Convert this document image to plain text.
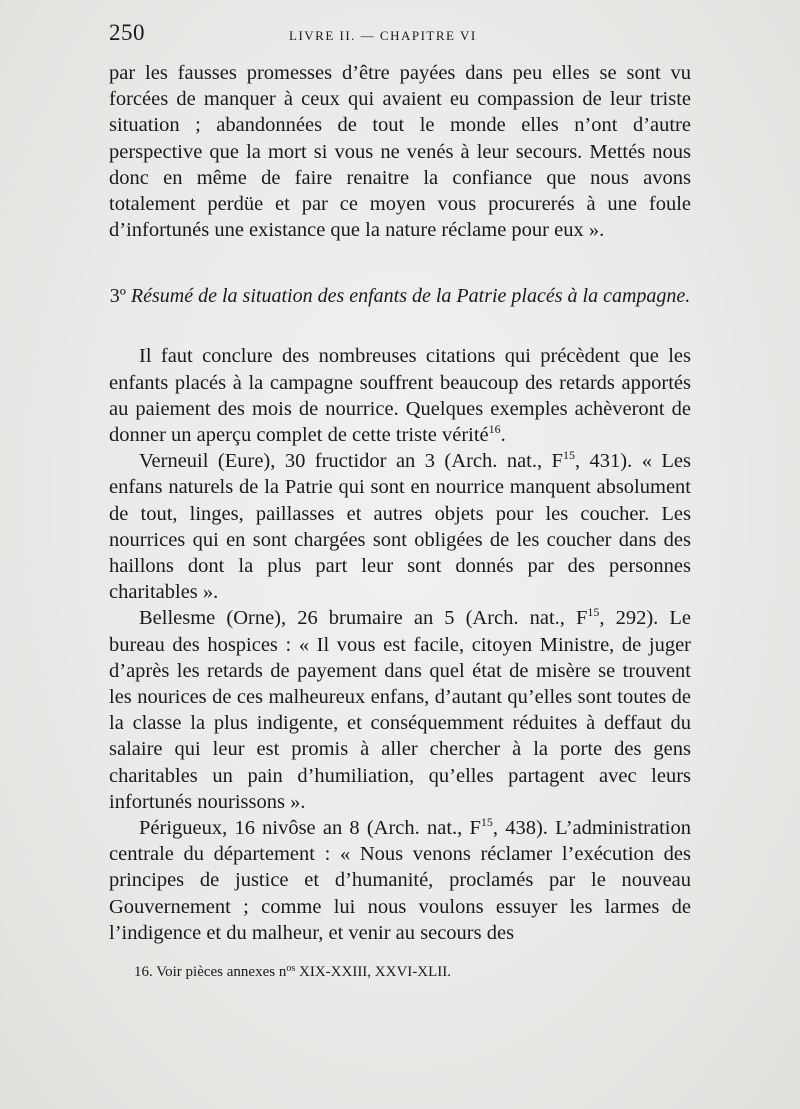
250	LIVRE II. — CHAPITRE VI

par les fausses promesses d’être payées dans peu elles se sont vu forcées de manquer à ceux qui avaient eu compassion de leur triste situation ; abandonnées de tout le monde elles n’ont d’autre perspective que la mort si vous ne venés à leur secours. Mettés nous donc en même de faire renaitre la confiance que nous avons totalement perdüe et par ce moyen vous procurerés à une foule d’infortunés une existance que la nature réclame pour eux ».

3º Résumé de la situation des enfants de la Patrie placés à la campagne.

Il faut conclure des nombreuses citations qui précèdent que les enfants placés à la campagne souffrent beaucoup des retards apportés au paiement des mois de nourrice. Quelques exemples achèveront de donner un aperçu complet de cette triste vérité$^{16}$.

Verneuil (Eure), 30 fructidor an 3 (Arch. nat., $F^{15}$, 431). « Les enfans naturels de la Patrie qui sont en nourrice manquent absolument de tout, linges, paillasses et autres objets pour les coucher. Les nourrices qui en sont chargées sont obligées de les coucher dans des haillons dont la plus part leur sont donnés par des personnes charitables ».

Bellesme (Orne), 26 brumaire an 5 (Arch. nat., $F^{15}$, 292). Le bureau des hospices : « Il vous est facile, citoyen Ministre, de juger d’après les retards de payement dans quel état de misère se trouvent les nourices de ces malheureux enfans, d’autant qu’elles sont toutes de la classe la plus indigente, et conséquemment réduites à deffaut du salaire qui leur est promis à aller chercher à la porte des gens charitables un pain d’humiliation, qu’elles partagent avec leurs infortunés nourissons ».

Périgueux, 16 nivôse an 8 (Arch. nat., $F^{15}$, 438). L’administration centrale du département : « Nous venons réclamer l’exécution des principes de justice et d’humanité, proclamés par le nouveau Gouvernement ; comme lui nous voulons essuyer les larmes de l’indigence et du malheur, et venir au secours des

16. Voir pièces annexes $n^{os}$ XIX-XXIII, XXVI-XLII.
